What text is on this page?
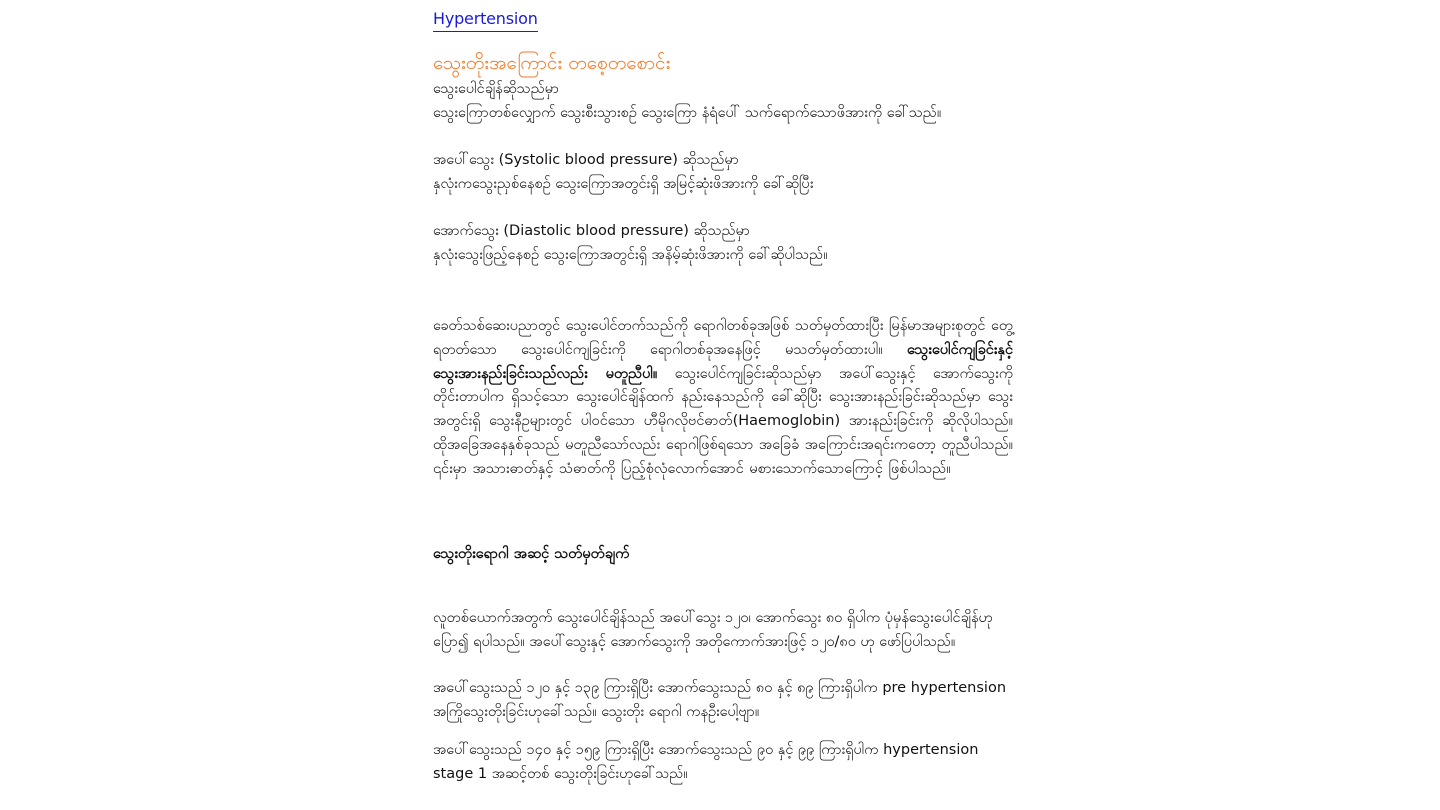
Hypertension
သွေးတိုးအကြောင်း တစေ့တစောင်း

သွေးပေါင်ချိန်ဆိုသည်မှာ

သွေးကြောတစ်လျှောက် သွေးစီးသွားစဉ် သွေးကြော နံရံပေါ် သက်ရောက်သောဖိအားကို ခေါ်သည်။

အပေါ်သွေး (Systolic blood pressure) ဆိုသည်မှာ

နှလုံးကသွေးညှစ်နေစဉ် သွေးကြောအတွင်းရှိ အမြင့်ဆုံးဖိအားကို ခေါ်ဆိုပြီး

အောက်သွေး (Diastolic blood pressure) ဆိုသည်မှာ

နှလုံးသွေးဖြည့်နေစဉ် သွေးကြောအတွင်းရှိ အနိမ့်ဆုံးဖိအားကို ခေါ်ဆိုပါသည်။

ခေတ်သစ်ဆေးပညာတွင် သွေးပေါင်တက်သည်ကို ရောဂါတစ်ခုအဖြစ် သတ်မှတ်ထားပြီး မြန်မာအများစုတွင် တွေ့ရတတ်သော သွေးပေါင်ကျခြင်းကို ရောဂါတစ်ခုအနေဖြင့် မသတ်မှတ်ထားပါ။ သွေးပေါင်ကျခြင်းနှင့် သွေးအားနည်းခြင်းသည်လည်း မတူညီပါ။ သွေးပေါင်ကျခြင်းဆိုသည်မှာ အပေါ်သွေးနှင့် အောက်သွေးကို တိုင်းတာပါက ရှိသင့်သော သွေးပေါင်ချိန်ထက် နည်းနေသည်ကို ခေါ်ဆိုပြီး သွေးအားနည်းခြင်းဆိုသည်မှာ သွေးအတွင်းရှိ သွေးနီဥများတွင် ပါဝင်သော ဟီမိုဂလိုဗင်ဓာတ်(Haemoglobin) အားနည်းခြင်းကို ဆိုလိုပါသည်။ ထိုအခြေအနေနှစ်ခုသည် မတူညီသော်လည်း ရောဂါဖြစ်ရသော အခြေခံ အကြောင်းအရင်းကတော့ တူညီပါသည်။ ၎င်းမှာ အသားဓာတ်နှင့် သံဓာတ်ကို ပြည့်စုံလုံလောက်အောင် မစားသောက်သောကြောင့် ဖြစ်ပါသည်။

သွေးတိုးရောဂါ အဆင့် သတ်မှတ်ချက်

လူတစ်ယောက်အတွက် သွေးပေါင်ချိန်သည် အပေါ်သွေး ၁၂၀၊ အောက်သွေး ၈၀ ရှိပါက ပုံမှန်သွေးပေါင်ချိန်ဟု ပြော၍ ရပါသည်။ အပေါ်သွေးနှင့် အောက်သွေးကို အတိုကောက်အားဖြင့် ၁၂၀/၈၀ ဟု ဖော်ပြပါသည်။

အပေါ်သွေးသည် ၁၂၀ နှင့် ၁၃၉ ကြားရှိပြီး အောက်သွေးသည် ၈၀ နှင့် ၈၉ ကြားရှိပါက pre hypertension အကြိုသွေးတိုးခြင်းဟုခေါ်သည်။ သွေးတိုး ရောဂါ ကနဦးပေါ့ဗျာ။

အပေါ်သွေးသည် ၁၄၀ နှင့် ၁၅၉ ကြားရှိပြီး အောက်သွေးသည် ၉၀ နှင့် ၉၉ ကြားရှိပါက hypertension stage 1 အဆင့်တစ် သွေးတိုးခြင်းဟုခေါ်သည်။
